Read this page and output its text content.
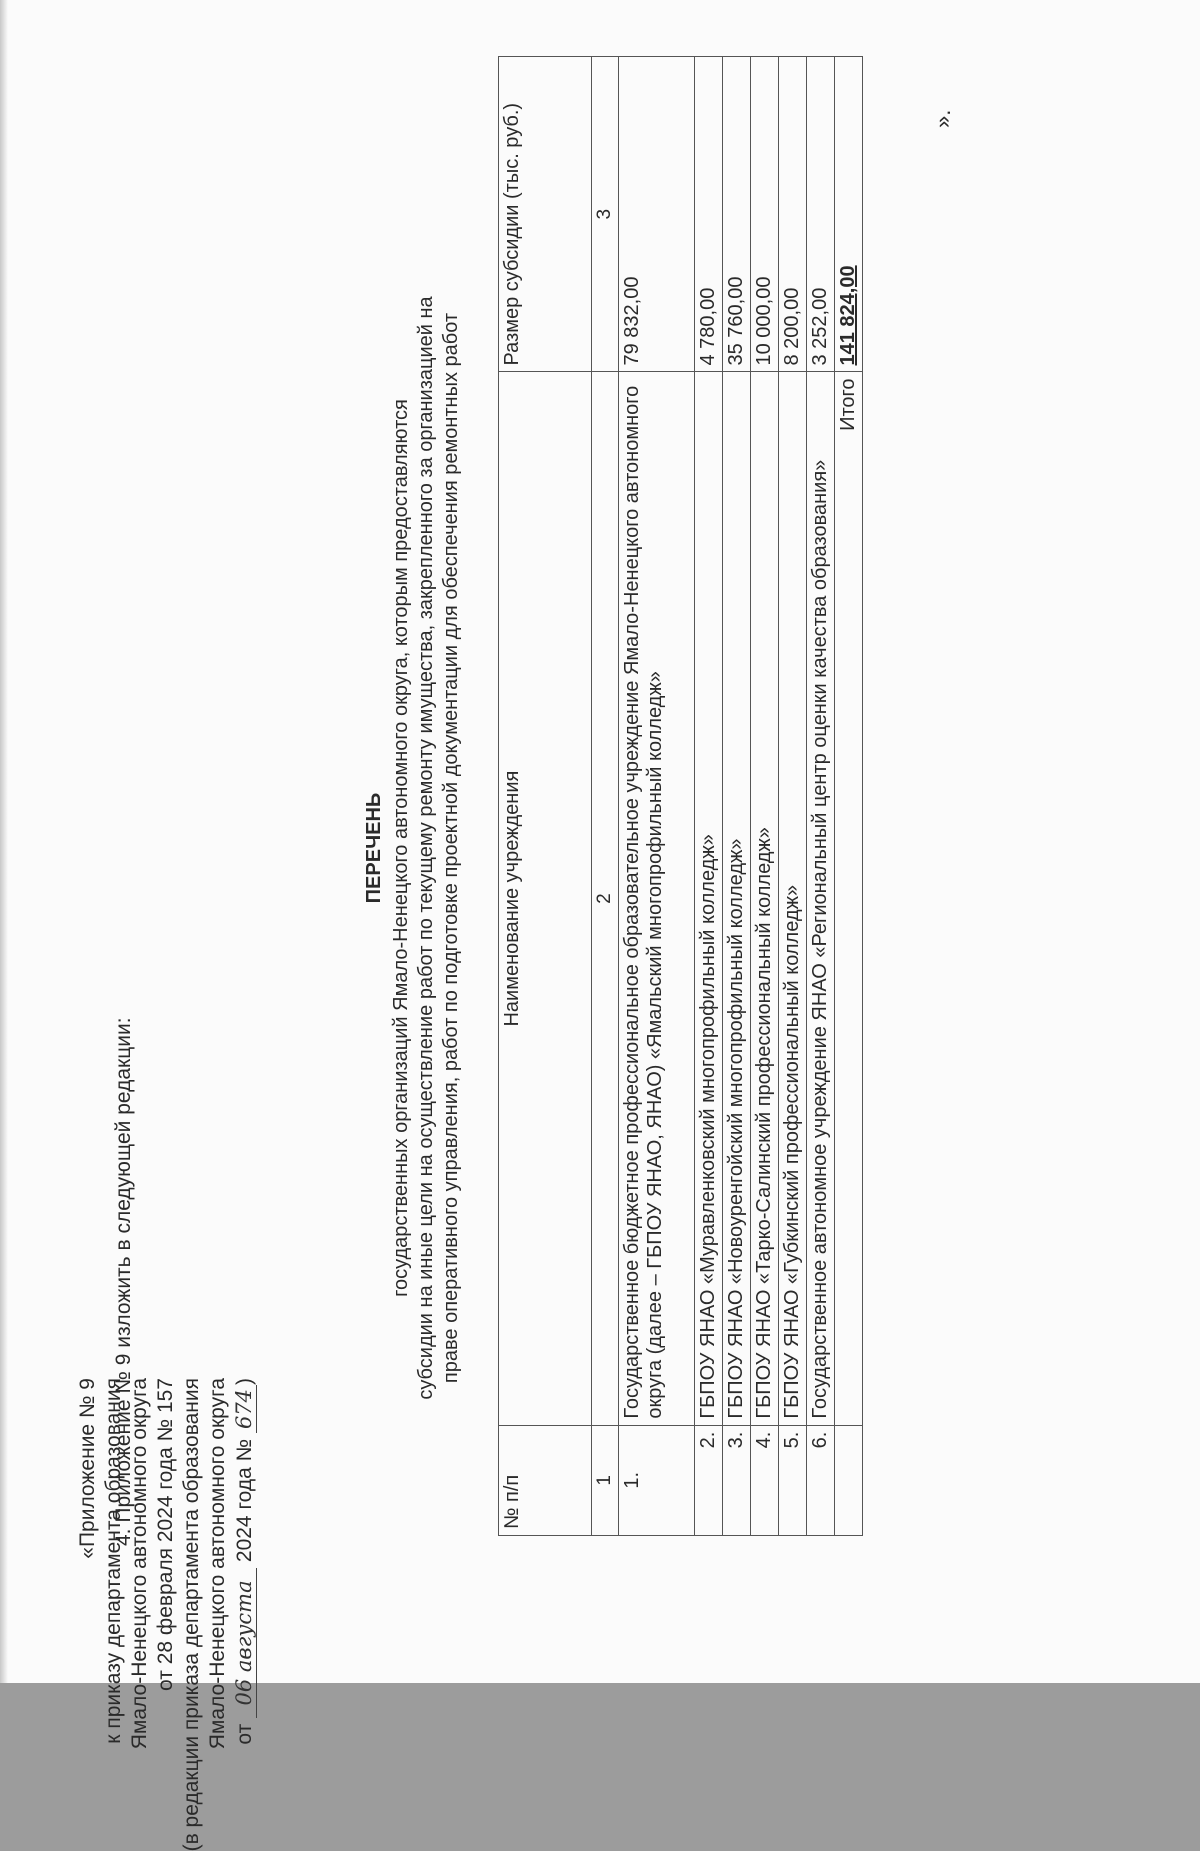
4. Приложение № 9 изложить в следующей редакции:
«Приложение № 9 к приказу департамента образования Ямало-Ненецкого автономного округа от 28 февраля 2024 года № 157 (в редакции приказа департамента образования Ямало-Ненецкого автономного округа от 06 августа 2024 года № 674)
ПЕРЕЧЕНЬ государственных организаций Ямало-Ненецкого автономного округа, которым предоставляются субсидии на иные цели на осуществление работ по текущему ремонту имущества, закрепленного за организацией на праве оперативного управления, работ по подготовке проектной документации для обеспечения ремонтных работ
№ п/п	Наименование учреждения	Размер субсидии (тыс. руб.)
1	2	3
1.	Государственное бюджетное профессиональное образовательное учреждение Ямало-Ненецкого автономного округа (далее – ГБПОУ ЯНАО, ЯНАО) «Ямальский многопрофильный колледж»	79 832,00
2.	ГБПОУ ЯНАО «Муравленковский многопрофильный колледж»	4 780,00
3.	ГБПОУ ЯНАО «Новоуренгойский многопрофильный колледж»	35 760,00
4.	ГБПОУ ЯНАО «Тарко-Салинский профессиональный колледж»	10 000,00
5.	ГБПОУ ЯНАО «Губкинский профессиональный колледж»	8 200,00
6.	Государственное автономное учреждение ЯНАО «Региональный центр оценки качества образования»	3 252,00
	Итого	141 824,00
».
